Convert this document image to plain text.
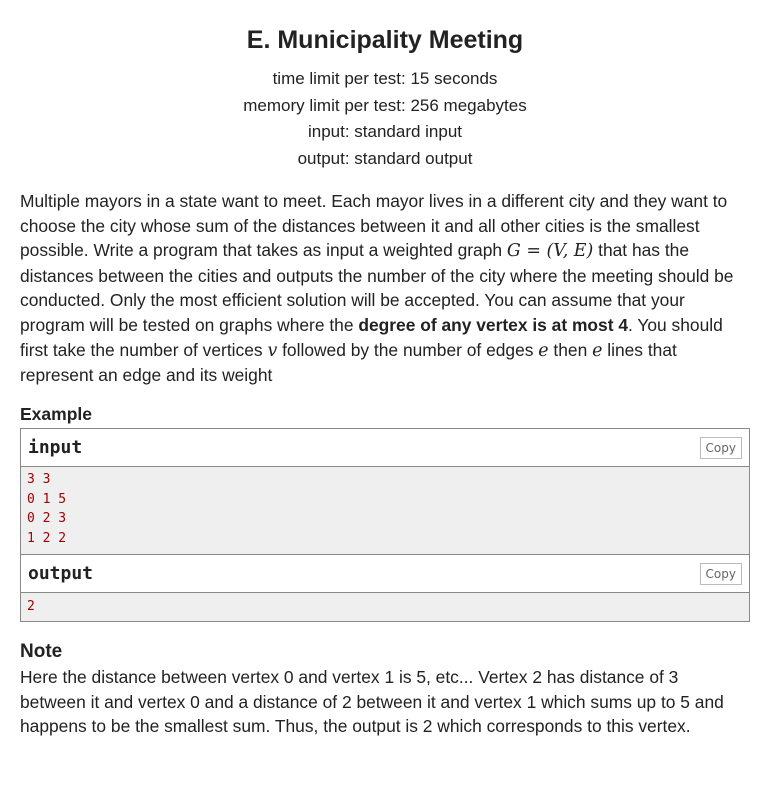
E. Municipality Meeting
time limit per test: 15 seconds
memory limit per test: 256 megabytes
input: standard input
output: standard output
Multiple mayors in a state want to meet. Each mayor lives in a different city and they want to choose the city whose sum of the distances between it and all other cities is the smallest possible. Write a program that takes as input a weighted graph G = (V, E) that has the distances between the cities and outputs the number of the city where the meeting should be conducted. Only the most efficient solution will be accepted. You can assume that your program will be tested on graphs where the degree of any vertex is at most 4. You should first take the number of vertices v followed by the number of edges e then e lines that represent an edge and its weight
Example
input	Copy
3 3
0 1 5
0 2 3
1 2 2
output	Copy
2
Note
Here the distance between vertex 0 and vertex 1 is 5, etc... Vertex 2 has distance of 3 between it and vertex 0 and a distance of 2 between it and vertex 1 which sums up to 5 and happens to be the smallest sum. Thus, the output is 2 which corresponds to this vertex.
